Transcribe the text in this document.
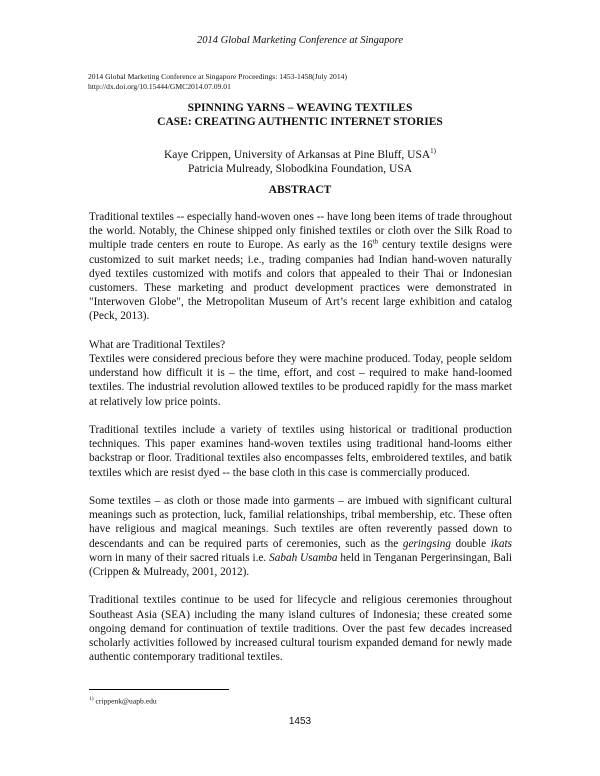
2014 Global Marketing Conference at Singapore
2014 Global Marketing Conference at Singapore Proceedings: 1453-1458(July 2014)
http://dx.doi.org/10.15444/GMC2014.07.09.01
SPINNING YARNS – WEAVING TEXTILES
CASE: CREATING AUTHENTIC INTERNET STORIES
Kaye Crippen, University of Arkansas at Pine Bluff, USA$^{1)}$
Patricia Mulready, Slobodkina Foundation, USA
ABSTRACT

Traditional textiles -- especially hand-woven ones -- have long been items of trade throughout the world. Notably, the Chinese shipped only finished textiles or cloth over the Silk Road to multiple trade centers en route to Europe. As early as the 16th century textile designs were customized to suit market needs; i.e., trading companies had Indian hand-woven naturally dyed textiles customized with motifs and colors that appealed to their Thai or Indonesian customers. These marketing and product development practices were demonstrated in "Interwoven Globe", the Metropolitan Museum of Art’s recent large exhibition and catalog (Peck, 2013).

What are Traditional Textiles?
Textiles were considered precious before they were machine produced. Today, people seldom understand how difficult it is – the time, effort, and cost – required to make hand-loomed textiles. The industrial revolution allowed textiles to be produced rapidly for the mass market at relatively low price points.

Traditional textiles include a variety of textiles using historical or traditional production techniques. This paper examines hand-woven textiles using traditional hand-looms either backstrap or floor. Traditional textiles also encompasses felts, embroidered textiles, and batik textiles which are resist dyed -- the base cloth in this case is commercially produced.

Some textiles – as cloth or those made into garments – are imbued with significant cultural meanings such as protection, luck, familial relationships, tribal membership, etc. These often have religious and magical meanings. Such textiles are often reverently passed down to descendants and can be required parts of ceremonies, such as the geringsing double ikats worn in many of their sacred rituals i.e. Sabah Usamba held in Tenganan Pergerinsingan, Bali (Crippen & Mulready, 2001, 2012).

Traditional textiles continue to be used for lifecycle and religious ceremonies throughout Southeast Asia (SEA) including the many island cultures of Indonesia; these created some ongoing demand for continuation of textile traditions. Over the past few decades increased scholarly activities followed by increased cultural tourism expanded demand for newly made authentic contemporary traditional textiles.

$^{1)}$ crippenk@uapb.edu
1453
